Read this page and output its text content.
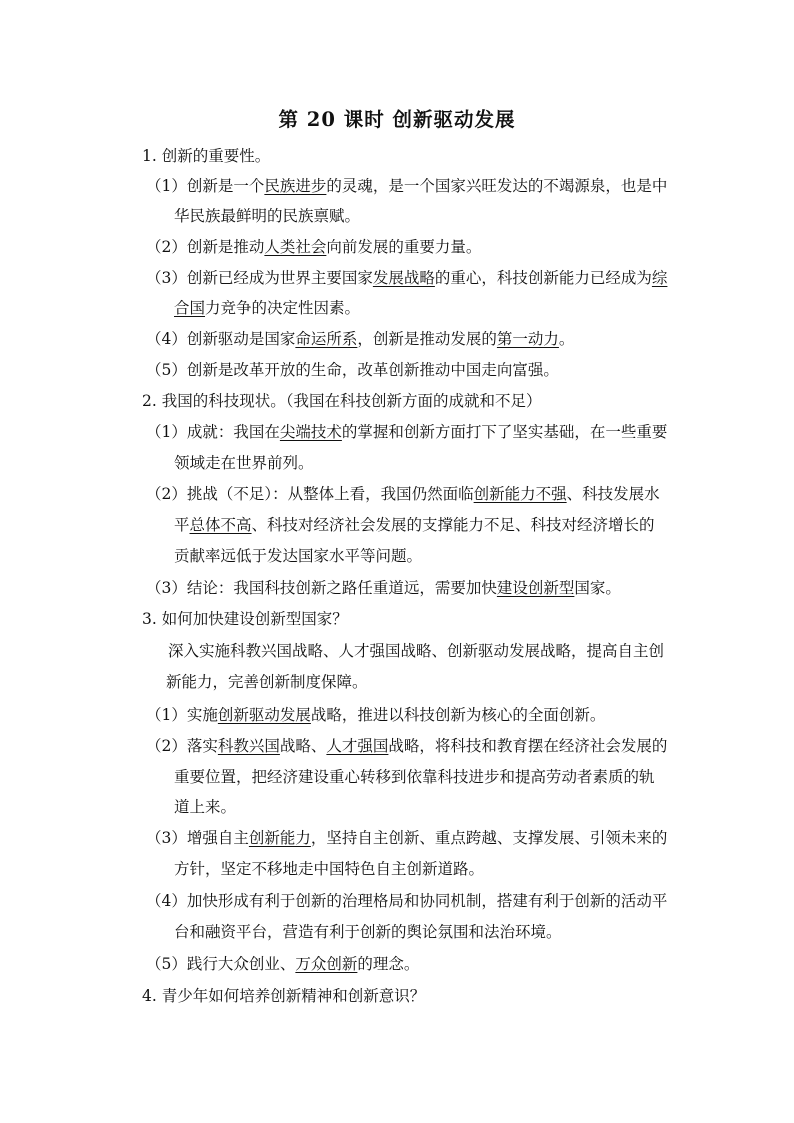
第 20 课时 创新驱动发展
1. 创新的重要性。
（1）创新是一个民族进步的灵魂，是一个国家兴旺发达的不竭源泉，也是中
华民族最鲜明的民族禀赋。
（2）创新是推动人类社会向前发展的重要力量。
（3）创新已经成为世界主要国家发展战略的重心，科技创新能力已经成为综
合国力竞争的决定性因素。
（4）创新驱动是国家命运所系，创新是推动发展的第一动力。
（5）创新是改革开放的生命，改革创新推动中国走向富强。
2. 我国的科技现状。（我国在科技创新方面的成就和不足）
（1）成就：我国在尖端技术的掌握和创新方面打下了坚实基础，在一些重要
领域走在世界前列。
（2）挑战（不足）：从整体上看，我国仍然面临创新能力不强、科技发展水
平总体不高、科技对经济社会发展的支撑能力不足、科技对经济增长的
贡献率远低于发达国家水平等问题。
（3）结论：我国科技创新之路任重道远，需要加快建设创新型国家。
3. 如何加快建设创新型国家？
深入实施科教兴国战略、人才强国战略、创新驱动发展战略，提高自主创
新能力，完善创新制度保障。
（1）实施创新驱动发展战略，推进以科技创新为核心的全面创新。
（2）落实科教兴国战略、人才强国战略，将科技和教育摆在经济社会发展的
重要位置，把经济建设重心转移到依靠科技进步和提高劳动者素质的轨
道上来。
（3）增强自主创新能力，坚持自主创新、重点跨越、支撑发展、引领未来的
方针，坚定不移地走中国特色自主创新道路。
（4）加快形成有利于创新的治理格局和协同机制，搭建有利于创新的活动平
台和融资平台，营造有利于创新的舆论氛围和法治环境。
（5）践行大众创业、万众创新的理念。
4. 青少年如何培养创新精神和创新意识？
